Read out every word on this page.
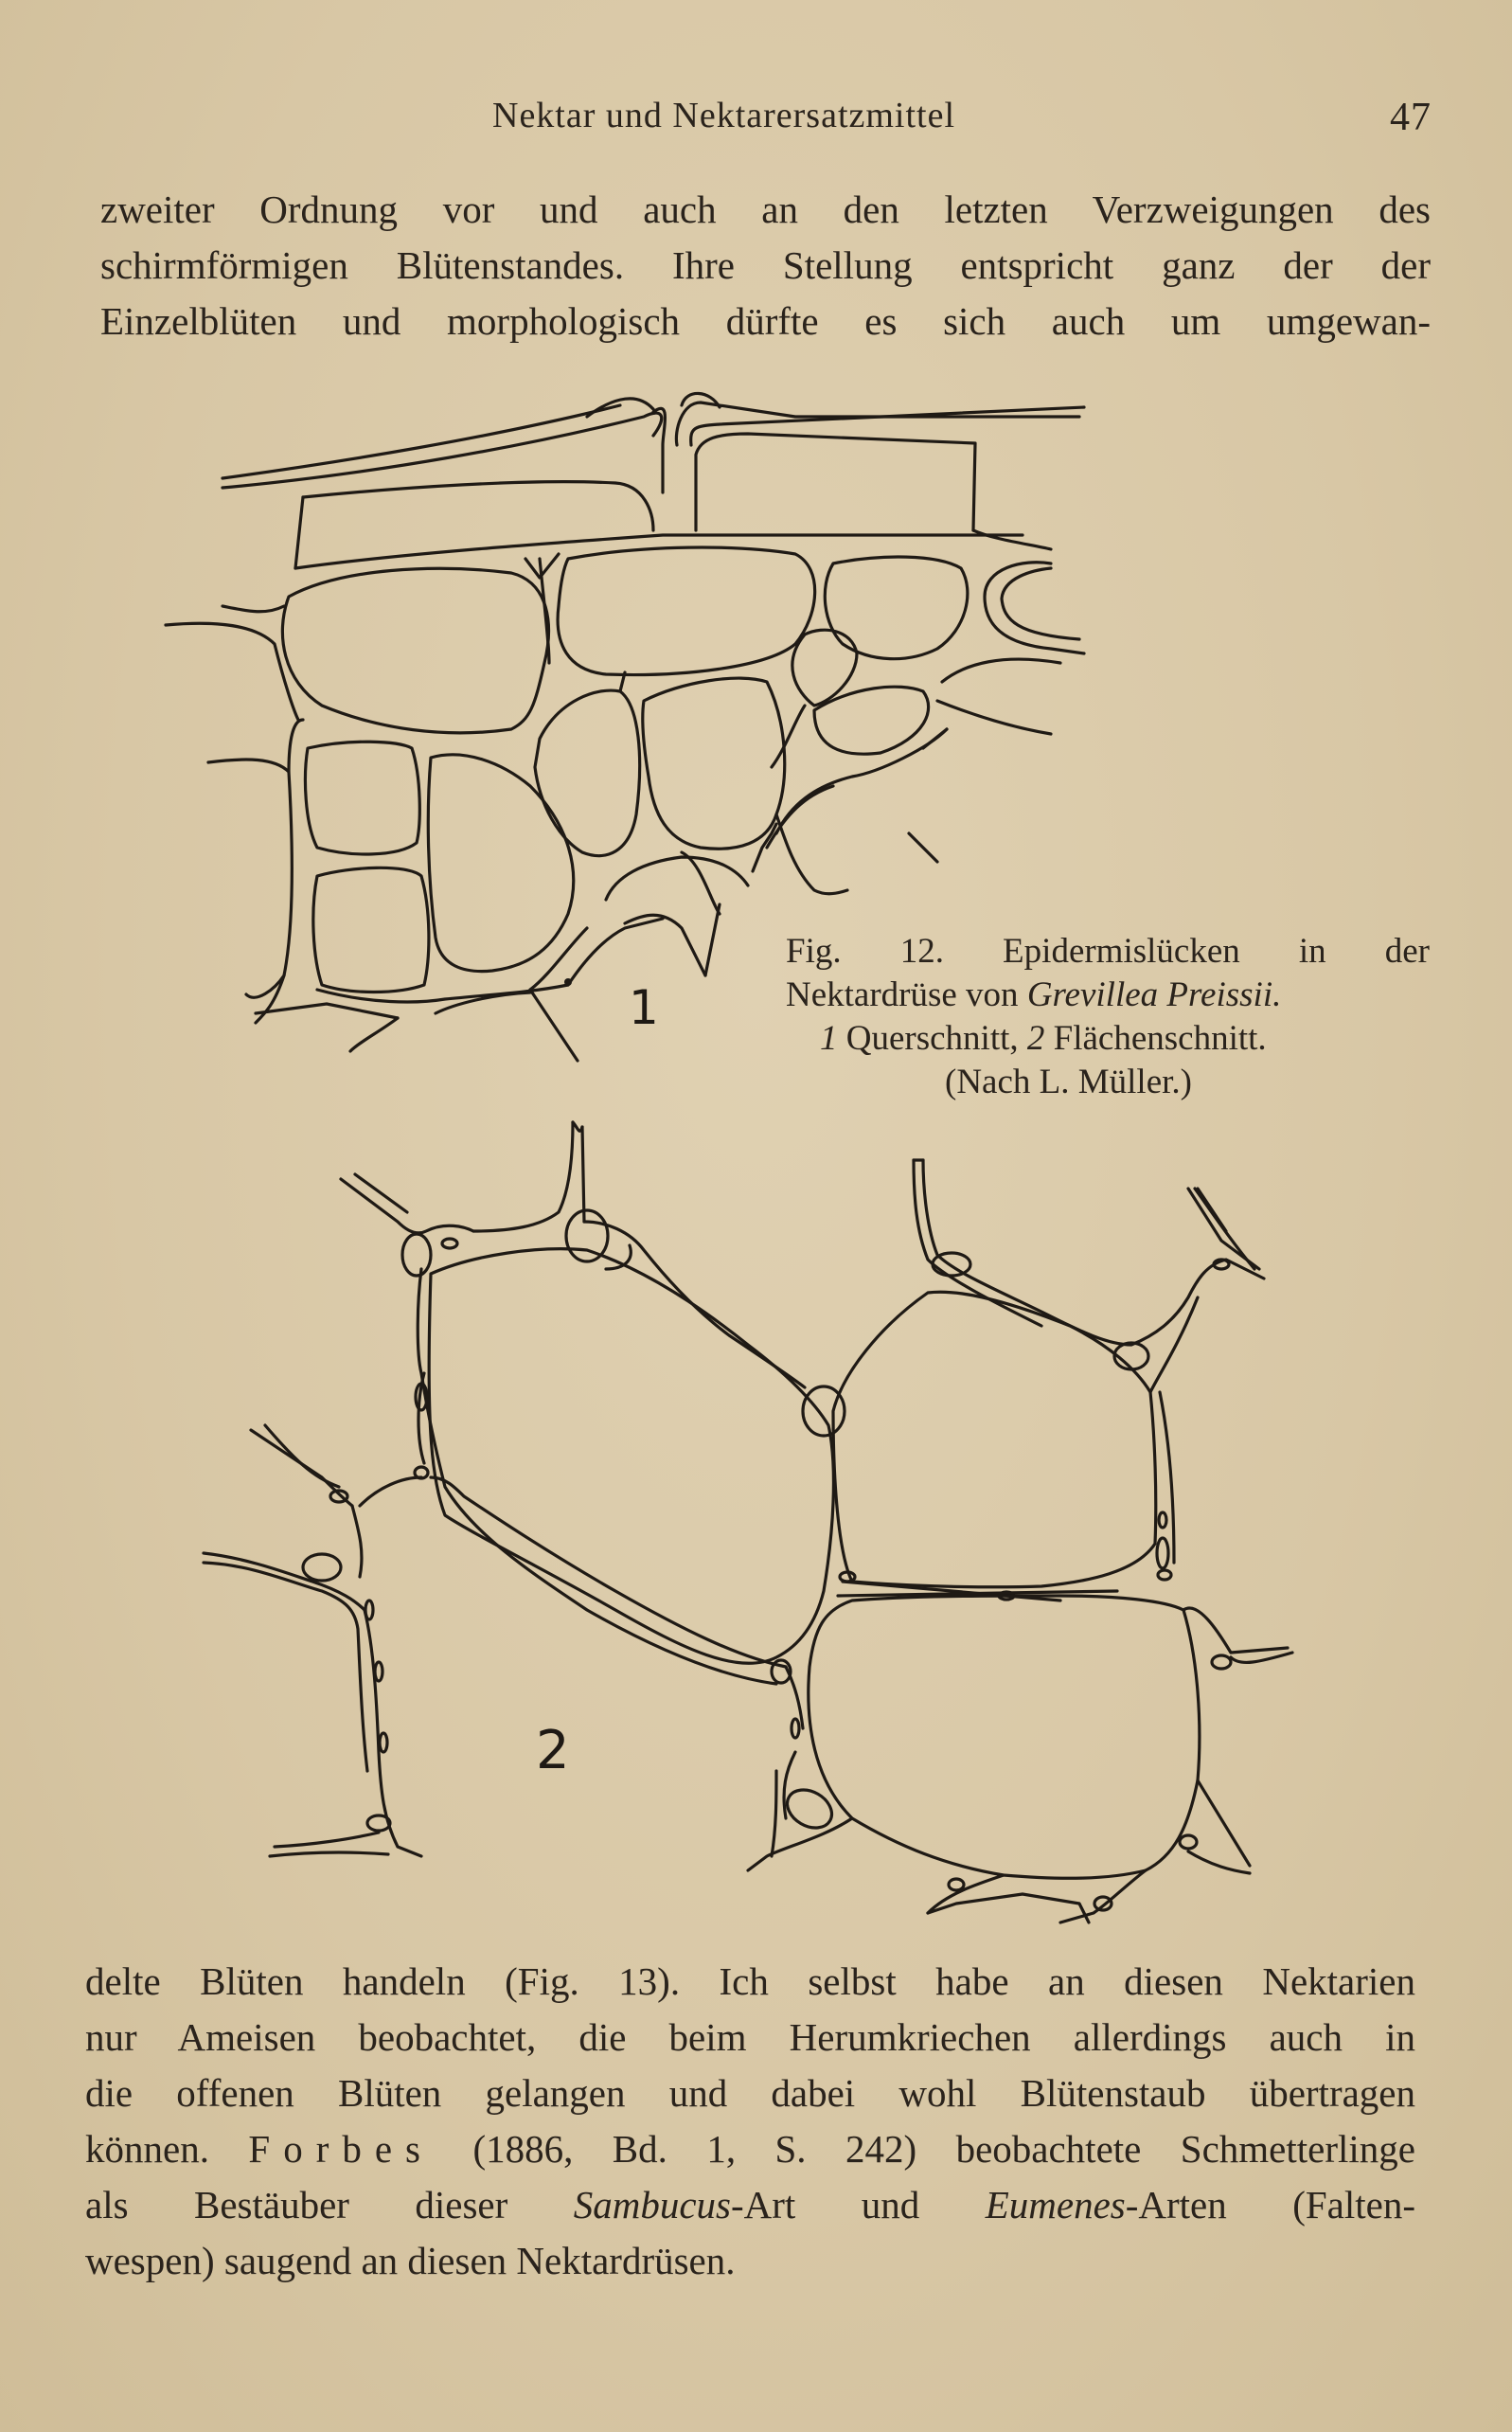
Nektar und Nektarersatzmittel	47
zweiter Ordnung vor und auch an den letzten Verzweigungen des
schirmförmigen Blütenstandes. Ihre Stellung entspricht ganz der der
Einzelblüten und morphologisch dürfte es sich auch um umgewan-
1
2
Fig. 12. Epidermislücken in der
Nektardrüse von Grevillea Preissii.
1 Querschnitt, 2 Flächenschnitt.
(Nach L. Müller.)
delte Blüten handeln (Fig. 13). Ich selbst habe an diesen Nektarien
nur Ameisen beobachtet, die beim Herumkriechen allerdings auch in
die offenen Blüten gelangen und dabei wohl Blütenstaub übertragen
können. Forbes (1886, Bd. 1, S. 242) beobachtete Schmetterlinge
als Bestäuber dieser Sambucus-Art und Eumenes-Arten (Falten-
wespen) saugend an diesen Nektardrüsen.
